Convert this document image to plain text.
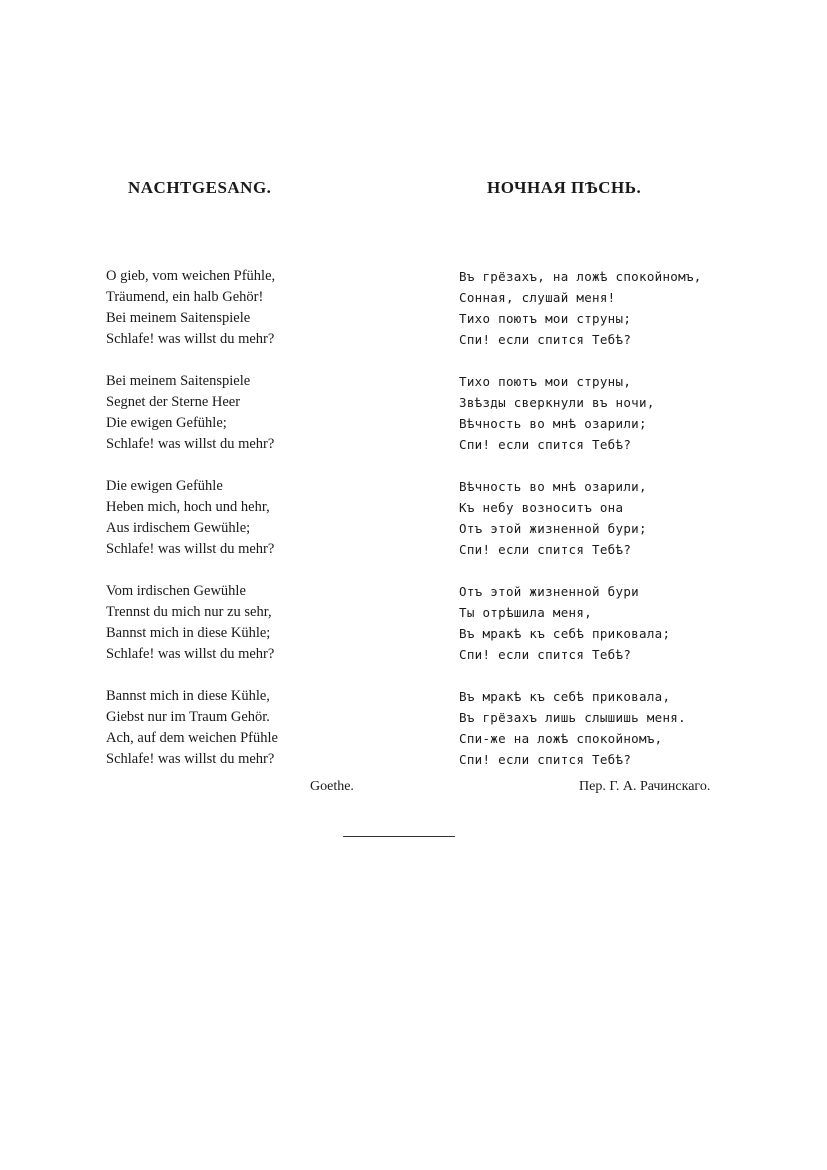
NACHTGESANG.
O gieb, vom weichen Pfühle,
Träumend, ein halb Gehör!
Bei meinem Saitenspiele
Schlafe! was willst du mehr?
Bei meinem Saitenspiele
Segnet der Sterne Heer
Die ewigen Gefühle;
Schlafe! was willst du mehr?
Die ewigen Gefühle
Heben mich, hoch und hehr,
Aus irdischem Gewühle;
Schlafe! was willst du mehr?
Vom irdischen Gewühle
Trennst du mich nur zu sehr,
Bannst mich in diese Kühle;
Schlafe! was willst du mehr?
Bannst mich in diese Kühle,
Giebst nur im Traum Gehör.
Ach, auf dem weichen Pfühle
Schlafe! was willst du mehr?
Goethe.
НОЧНАЯ ПѢСНЬ.
Въ грёзахъ, на ложѣ спокойномъ,
Сонная, слушай меня!
Тихо поютъ мои струны;
Спи! если спится Тебѣ?
Тихо поютъ мои струны,
Звѣзды сверкнули въ ночи,
Вѣчность во мнѣ озарили;
Спи! если спится Тебѣ?
Вѣчность во мнѣ озарили,
Къ небу возноситъ она
Отъ этой жизненной бури;
Спи! если спится Тебѣ?
Отъ этой жизненной бури
Ты отрѣшила меня,
Въ мракѣ къ себѣ приковала;
Спи! если спится Тебѣ?
Въ мракѣ къ себѣ приковала,
Въ грёзахъ лишь слышишь меня.
Спи-же на ложѣ спокойномъ,
Спи! если спится Тебѣ?
Пер. Г. А. Рачинскаго.
